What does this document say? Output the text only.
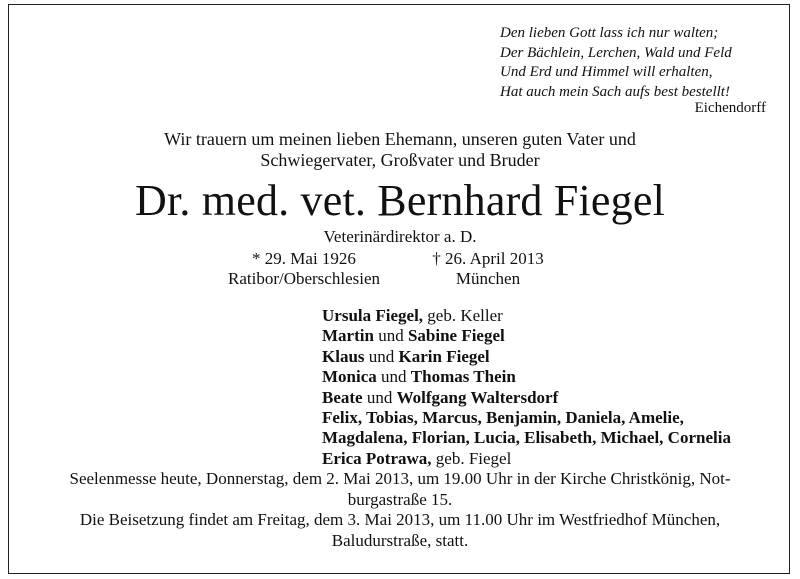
Den lieben Gott lass ich nur walten;
Der Bächlein, Lerchen, Wald und Feld
Und Erd und Himmel will erhalten,
Hat auch mein Sach aufs best bestellt!
Eichendorff
Wir trauern um meinen lieben Ehemann, unseren guten Vater und
Schwiegervater, Großvater und Bruder
Dr. med. vet. Bernhard Fiegel
Veterinärdirektor a. D.
* 29. Mai 1926
Ratibor/Oberschlesien
† 26. April 2013
München
Ursula Fiegel, geb. Keller
Martin und Sabine Fiegel
Klaus und Karin Fiegel
Monica und Thomas Thein
Beate und Wolfgang Waltersdorf
Felix, Tobias, Marcus, Benjamin, Daniela, Amelie,
Magdalena, Florian, Lucia, Elisabeth, Michael, Cornelia
Erica Potrawa, geb. Fiegel
Seelenmesse heute, Donnerstag, dem 2. Mai 2013, um 19.00 Uhr in der Kirche Christkönig, Not-
burgastraße 15.
Die Beisetzung findet am Freitag, dem 3. Mai 2013, um 11.00 Uhr im Westfriedhof München,
Baludurstraße, statt.
